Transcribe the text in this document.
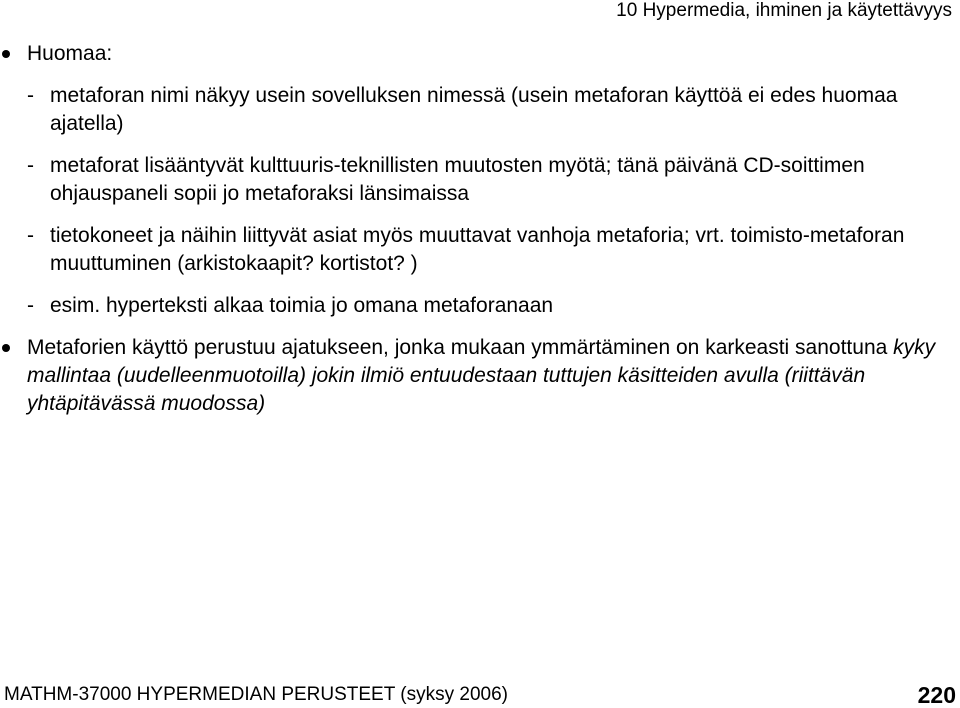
10 Hypermedia, ihminen ja käytettävyys
Huomaa:
- metaforan nimi näkyy usein sovelluksen nimessä (usein metaforan käyttöä ei edes huomaa ajatella)
- metaforat lisääntyvät kulttuuris-teknillisten muutosten myötä; tänä päivänä CD-soittimen ohjauspaneli sopii jo metaforaksi länsimaissa
- tietokoneet ja näihin liittyvät asiat myös muuttavat vanhoja metaforia; vrt. toimisto-metaforan muuttuminen (arkistokaapit? kortistot? )
- esim. hyperteksti alkaa toimia jo omana metaforanaan
Metaforien käyttö perustuu ajatukseen, jonka mukaan ymmärtäminen on karkeasti sanottuna kyky mallintaa (uudelleenmuotoilla) jokin ilmiö entuudestaan tuttujen käsitteiden avulla (riittävän yhtäpitävässä muodossa)
MATHM-37000 HYPERMEDIAN PERUSTEET (syksy 2006)	220
